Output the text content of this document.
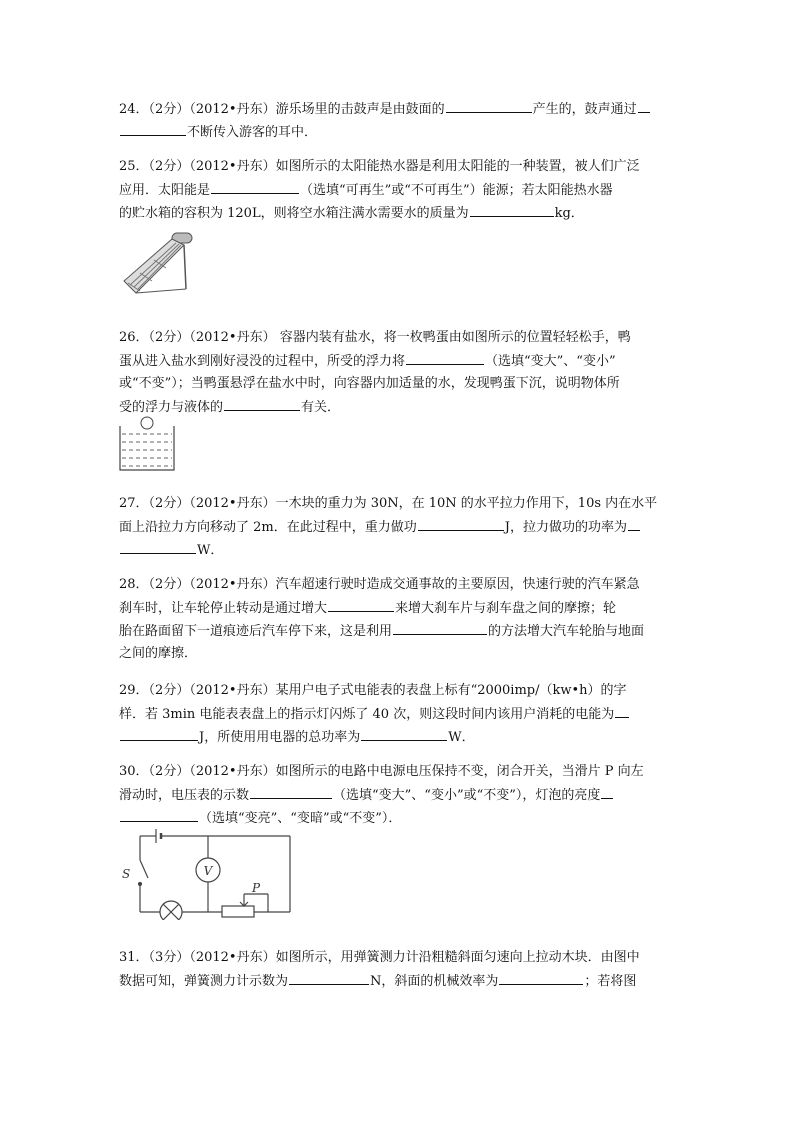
24．（2分）（2012•丹东）游乐场里的击鼓声是由鼓面的	产生的，鼓声通过
不断传入游客的耳中．
25．（2分）（2012•丹东）如图所示的太阳能热水器是利用太阳能的一种装置，被人们广泛
应用．太阳能是	（选填“可再生”或“不可再生”）能源；若太阳能热水器
的贮水箱的容积为 120L，则将空水箱注满水需要水的质量为	kg．
26．（2分）（2012•丹东） 容器内装有盐水，将一枚鸭蛋由如图所示的位置轻轻松手，鸭
蛋从进入盐水到刚好浸没的过程中，所受的浮力将	（选填“变大”、“变小”
或“不变”）；当鸭蛋悬浮在盐水中时，向容器内加适量的水，发现鸭蛋下沉，说明物体所
受的浮力与液体的	有关．
27．（2分）（2012•丹东）一木块的重力为 30N，在 10N 的水平拉力作用下，10s 内在水平
面上沿拉力方向移动了 2m．在此过程中，重力做功	J，拉力做功的功率为
W．
28．（2分）（2012•丹东）汽车超速行驶时造成交通事故的主要原因，快速行驶的汽车紧急
刹车时，让车轮停止转动是通过增大	来增大刹车片与刹车盘之间的摩擦；轮
胎在路面留下一道痕迹后汽车停下来，这是利用	的方法增大汽车轮胎与地面
之间的摩擦．
29．（2分）（2012•丹东）某用户电子式电能表的表盘上标有“2000imp/（kw•h）的字
样．若 3min 电能表表盘上的指示灯闪烁了 40 次，则这段时间内该用户消耗的电能为
J，所使用用电器的总功率为	W．
30．（2分）（2012•丹东）如图所示的电路中电源电压保持不变，闭合开关，当滑片 P 向左
滑动时，电压表的示数	（选填“变大”、“变小”或“不变”），灯泡的亮度
（选填“变亮”、“变暗”或“不变”）．
V
S
P
31．（3分）（2012•丹东）如图所示，用弹簧测力计沿粗糙斜面匀速向上拉动木块．由图中
数据可知，弹簧测力计示数为	N，斜面的机械效率为	；若将图
